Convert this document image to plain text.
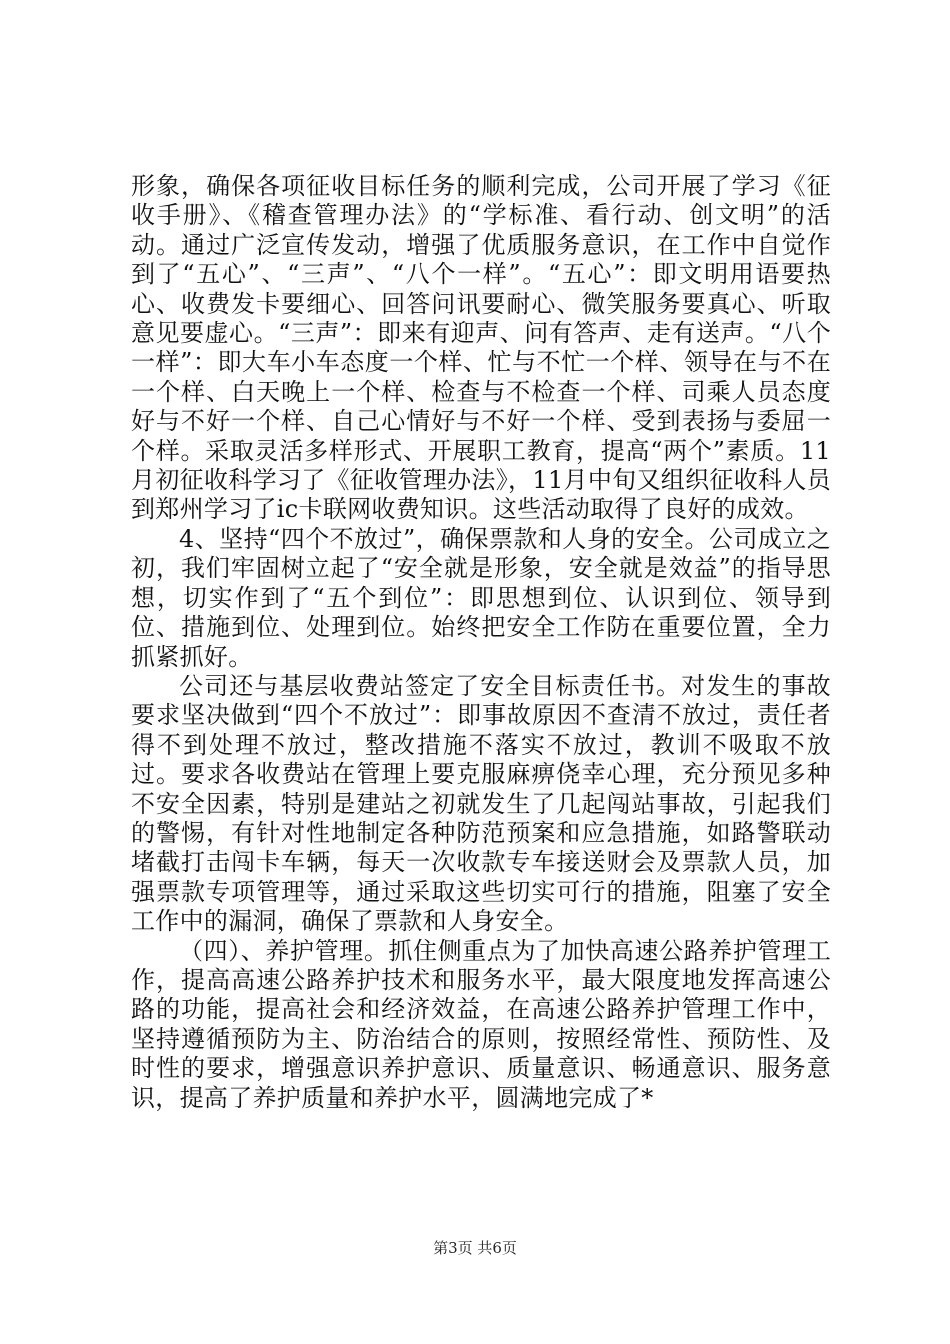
形象，确保各项征收目标任务的顺利完成，公司开展了学习《征收手册》、《稽查管理办法》的“学标准、看行动、创文明”的活动。通过广泛宣传发动，增强了优质服务意识，在工作中自觉作到了“五心”、“三声”、“八个一样”。“五心”：即文明用语要热心、收费发卡要细心、回答问讯要耐心、微笑服务要真心、听取意见要虚心。“三声”：即来有迎声、问有答声、走有送声。“八个一样”：即大车小车态度一个样、忙与不忙一个样、领导在与不在一个样、白天晚上一个样、检查与不检查一个样、司乘人员态度好与不好一个样、自己心情好与不好一个样、受到表扬与委屈一个样。采取灵活多样形式、开展职工教育，提高“两个”素质。11月初征收科学习了《征收管理办法》，11月中旬又组织征收科人员到郑州学习了ic卡联网收费知识。这些活动取得了良好的成效。

4、坚持“四个不放过”，确保票款和人身的安全。公司成立之初，我们牢固树立起了“安全就是形象，安全就是效益”的指导思想，切实作到了“五个到位”：即思想到位、认识到位、领导到位、措施到位、处理到位。始终把安全工作防在重要位置，全力抓紧抓好。

公司还与基层收费站签定了安全目标责任书。对发生的事故要求坚决做到“四个不放过”：即事故原因不查清不放过，责任者得不到处理不放过，整改措施不落实不放过，教训不吸取不放过。要求各收费站在管理上要克服麻痹侥幸心理，充分预见多种不安全因素，特别是建站之初就发生了几起闯站事故，引起我们的警惕，有针对性地制定各种防范预案和应急措施，如路警联动堵截打击闯卡车辆，每天一次收款专车接送财会及票款人员，加强票款专项管理等，通过采取这些切实可行的措施，阻塞了安全工作中的漏洞，确保了票款和人身安全。

（四）、养护管理。抓住侧重点为了加快高速公路养护管理工作，提高高速公路养护技术和服务水平，最大限度地发挥高速公路的功能，提高社会和经济效益，在高速公路养护管理工作中，坚持遵循预防为主、防治结合的原则，按照经常性、预防性、及时性的要求，增强意识养护意识、质量意识、畅通意识、服务意识，提高了养护质量和养护水平，圆满地完成了*

第3页 共6页
